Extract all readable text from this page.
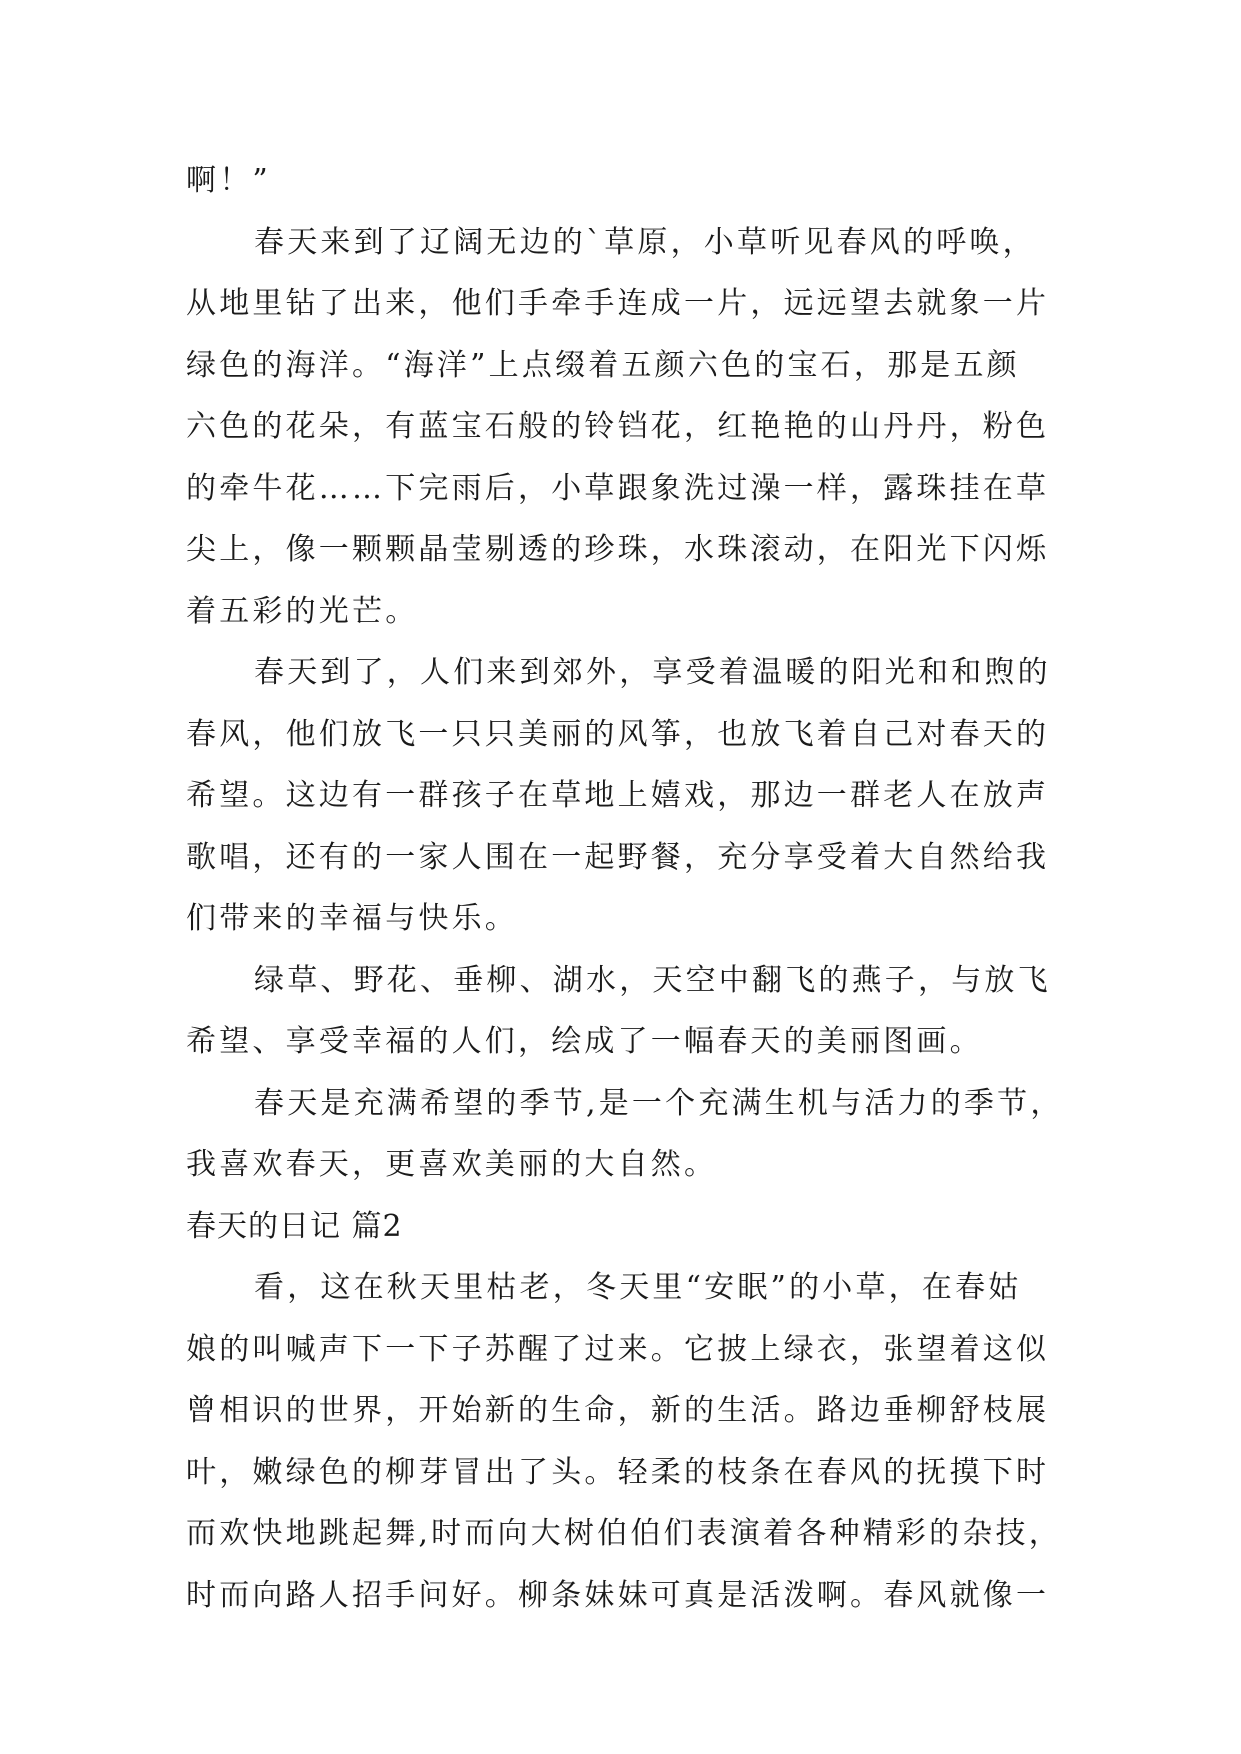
啊！”
春天来到了辽阔无边的`草原，小草听见春风的呼唤，
从地里钻了出来，他们手牵手连成一片，远远望去就象一片
绿色的海洋。“海洋”上点缀着五颜六色的宝石，那是五颜
六色的花朵，有蓝宝石般的铃铛花，红艳艳的山丹丹，粉色
的牵牛花……下完雨后，小草跟象洗过澡一样，露珠挂在草
尖上，像一颗颗晶莹剔透的珍珠，水珠滚动，在阳光下闪烁
着五彩的光芒。
春天到了，人们来到郊外，享受着温暖的阳光和和煦的
春风，他们放飞一只只美丽的风筝，也放飞着自己对春天的
希望。这边有一群孩子在草地上嬉戏，那边一群老人在放声
歌唱，还有的一家人围在一起野餐，充分享受着大自然给我
们带来的幸福与快乐。
绿草、野花、垂柳、湖水，天空中翻飞的燕子，与放飞
希望、享受幸福的人们，绘成了一幅春天的美丽图画。
春天是充满希望的季节,是一个充满生机与活力的季节，
我喜欢春天，更喜欢美丽的大自然。
春天的日记 篇2
看，这在秋天里枯老，冬天里“安眠”的小草，在春姑
娘的叫喊声下一下子苏醒了过来。它披上绿衣，张望着这似
曾相识的世界，开始新的生命，新的生活。路边垂柳舒枝展
叶，嫩绿色的柳芽冒出了头。轻柔的枝条在春风的抚摸下时
而欢快地跳起舞,时而向大树伯伯们表演着各种精彩的杂技，
时而向路人招手问好。柳条妹妹可真是活泼啊。春风就像一
